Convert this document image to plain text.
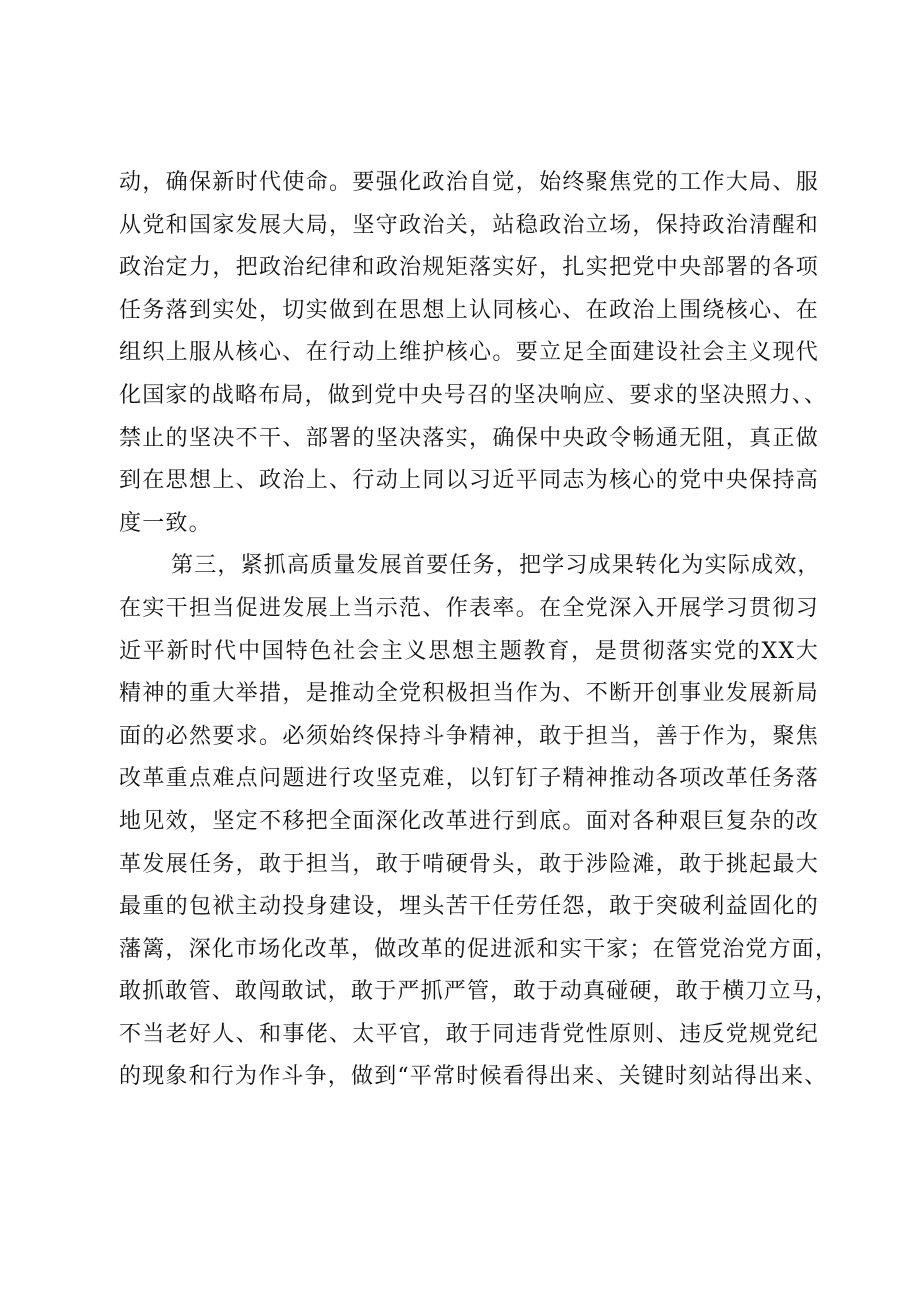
动，确保新时代使命。要强化政治自觉，始终聚焦党的工作大局、服
从党和国家发展大局，坚守政治关，站稳政治立场，保持政治清醒和
政治定力，把政治纪律和政治规矩落实好，扎实把党中央部署的各项
任务落到实处，切实做到在思想上认同核心、在政治上围绕核心、在
组织上服从核心、在行动上维护核心。要立足全面建设社会主义现代
化国家的战略布局，做到党中央号召的坚决响应、要求的坚决照力、、
禁止的坚决不干、部署的坚决落实，确保中央政令畅通无阻，真正做
到在思想上、政治上、行动上同以习近平同志为核心的党中央保持高
度一致。
第三，紧抓高质量发展首要任务，把学习成果转化为实际成效，
在实干担当促进发展上当示范、作表率。在全党深入开展学习贯彻习
近平新时代中国特色社会主义思想主题教育，是贯彻落实党的XX大
精神的重大举措，是推动全党积极担当作为、不断开创事业发展新局
面的必然要求。必须始终保持斗争精神，敢于担当，善于作为，聚焦
改革重点难点问题进行攻坚克难，以钉钉子精神推动各项改革任务落
地见效，坚定不移把全面深化改革进行到底。面对各种艰巨复杂的改
革发展任务，敢于担当，敢于啃硬骨头，敢于涉险滩，敢于挑起最大
最重的包袱主动投身建设，埋头苦干任劳任怨，敢于突破利益固化的
藩篱，深化市场化改革，做改革的促进派和实干家；在管党治党方面，
敢抓敢管、敢闯敢试，敢于严抓严管，敢于动真碰硬，敢于横刀立马，
不当老好人、和事佬、太平官，敢于同违背党性原则、违反党规党纪
的现象和行为作斗争，做到“平常时候看得出来、关键时刻站得出来、
